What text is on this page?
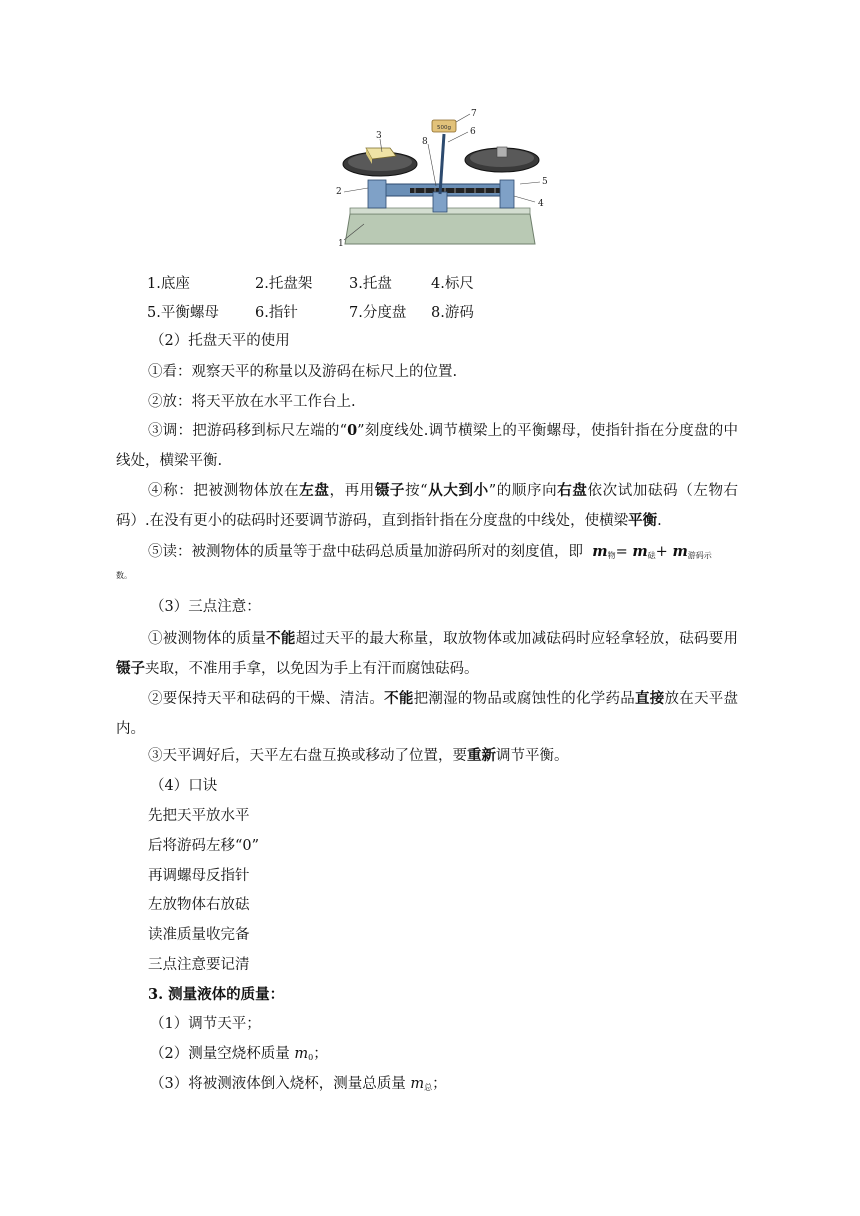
500g
1
2
3
4
5
6
7
8
1.底座	2.托盘架	3.托盘	4.标尺
5.平衡螺母 6.指针	7.分度盘 8.游码
（2）托盘天平的使用
①看：观察天平的称量以及游码在标尺上的位置.
②放：将天平放在水平工作台上.
③调：把游码移到标尺左端的“0”刻度线处.调节横梁上的平衡螺母，使指针指在分度盘的中线处，横梁平衡.
④称：把被测物体放在左盘，再用镊子按“从大到小”的顺序向右盘依次试加砝码（左物右码）.在没有更小的砝码时还要调节游码，直到指针指在分度盘的中线处，使横梁平衡.
⑤读：被测物体的质量等于盘中砝码总质量加游码所对的刻度值，即 $m_物= m_砝+ m_{游码示}$
数。
（3）三点注意：
①被测物体的质量不能超过天平的最大称量，取放物体或加减砝码时应轻拿轻放，砝码要用镊子夹取，不准用手拿，以免因为手上有汗而腐蚀砝码。
②要保持天平和砝码的干燥、清洁。不能把潮湿的物品或腐蚀性的化学药品直接放在天平盘内。
③天平调好后，天平左右盘互换或移动了位置，要重新调节平衡。
（4）口诀
先把天平放水平
后将游码左移“0”
再调螺母反指针
左放物体右放砝
读准质量收完备
三点注意要记清
3. 测量液体的质量：
（1）调节天平；
（2）测量空烧杯质量 $m_0$；
（3）将被测液体倒入烧杯，测量总质量 $m_总$；
